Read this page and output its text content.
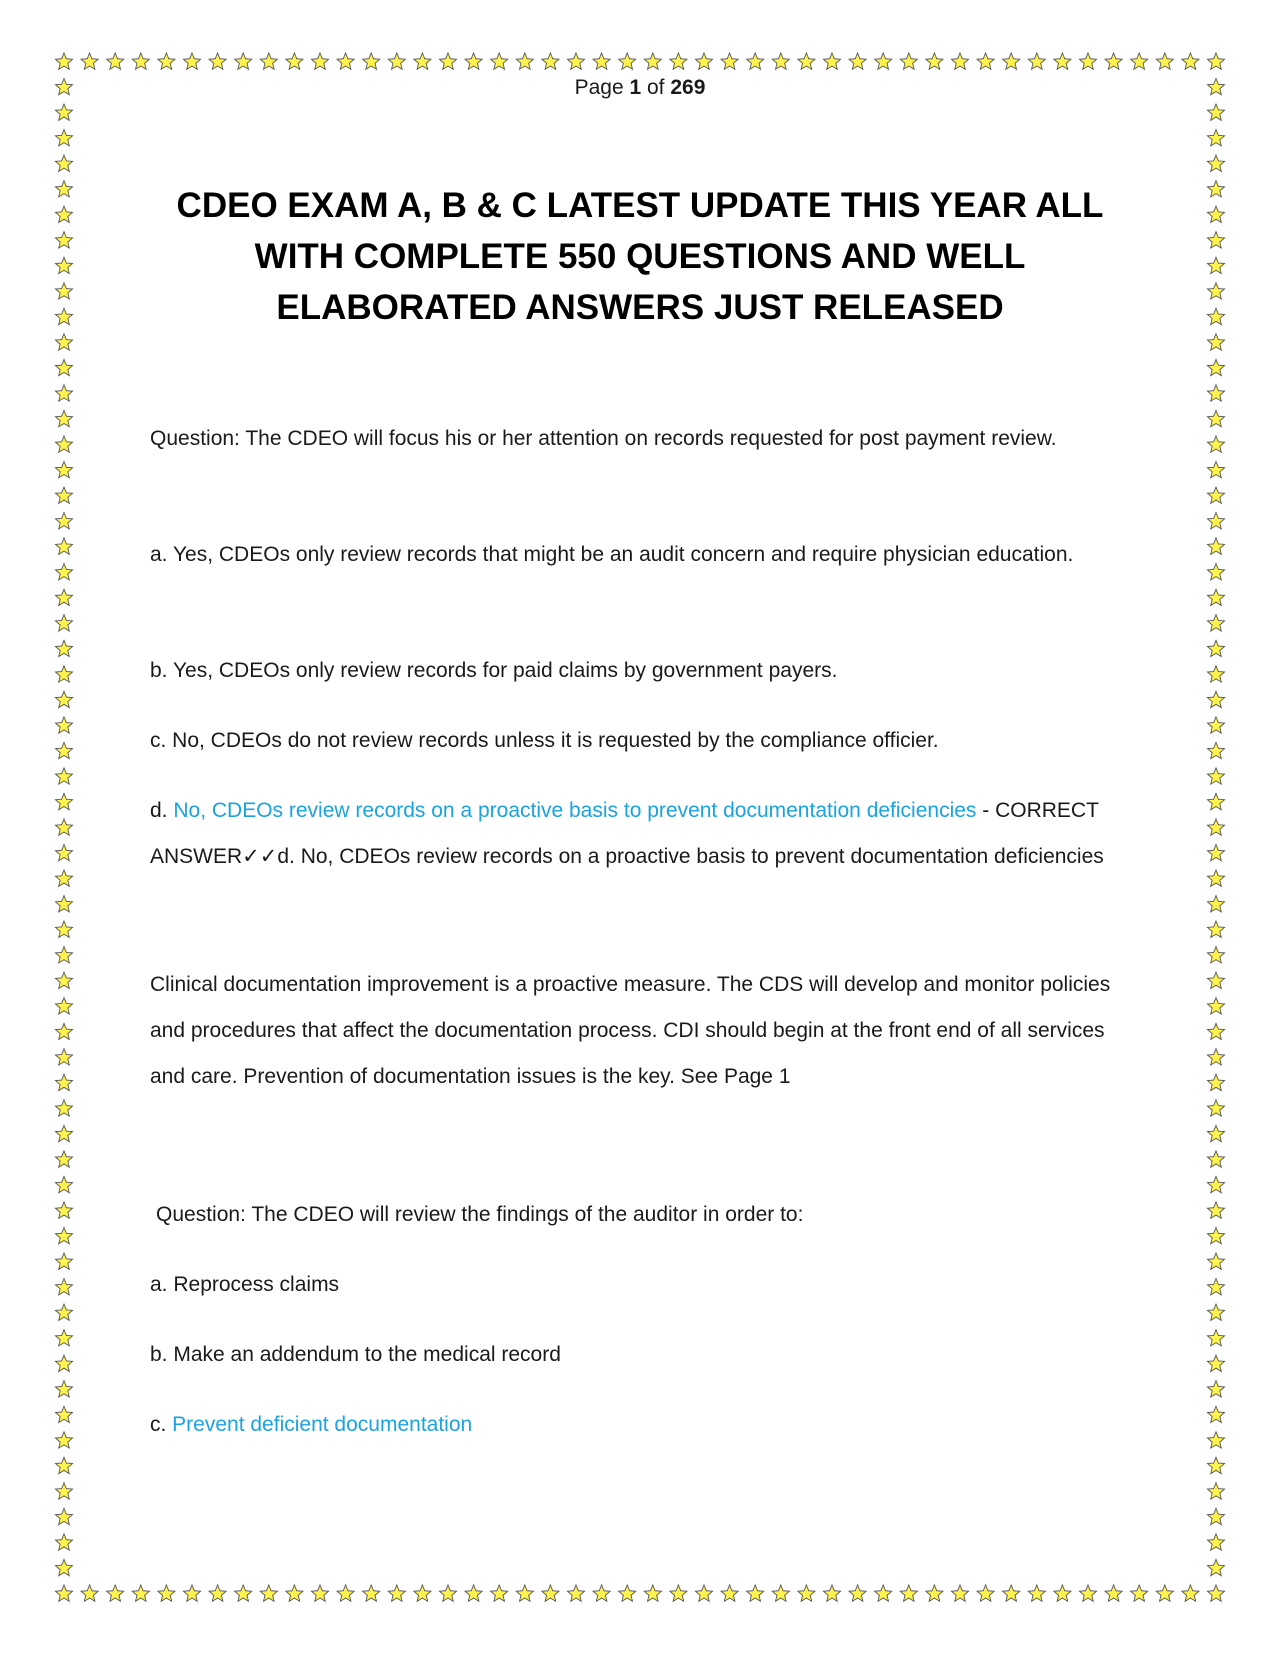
Page 1 of 269
CDEO EXAM A, B & C LATEST UPDATE THIS YEAR ALL WITH COMPLETE 550 QUESTIONS AND WELL ELABORATED ANSWERS JUST RELEASED
Question: The CDEO will focus his or her attention on records requested for post payment review.
a. Yes, CDEOs only review records that might be an audit concern and require physician education.
b. Yes, CDEOs only review records for paid claims by government payers.
c. No, CDEOs do not review records unless it is requested by the compliance officier.
d. No, CDEOs review records on a proactive basis to prevent documentation deficiencies - CORRECT ANSWER✓✓d. No, CDEOs review records on a proactive basis to prevent documentation deficiencies
Clinical documentation improvement is a proactive measure. The CDS will develop and monitor policies and procedures that affect the documentation process. CDI should begin at the front end of all services and care. Prevention of documentation issues is the key. See Page 1
Question: The CDEO will review the findings of the auditor in order to:
a. Reprocess claims
b. Make an addendum to the medical record
c. Prevent deficient documentation
